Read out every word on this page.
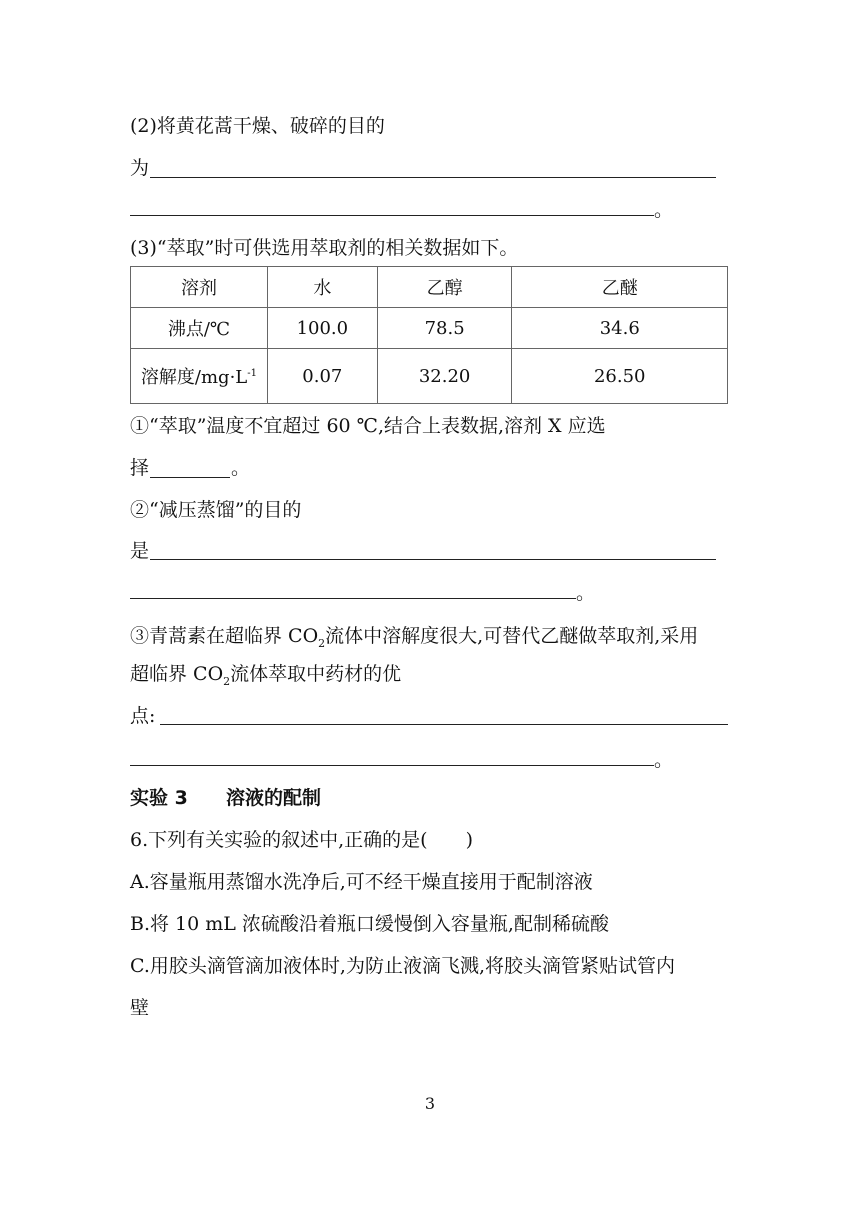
(2)将黄花蒿干燥、破碎的目的
为
。
(3)“萃取”时可供选用萃取剂的相关数据如下。
溶剂	水	乙醇	乙醚
沸点/℃	100.0	78.5	34.6
溶解度$/mg\cdot L^{-1}$	0.07	32.20	26.50
①“萃取”温度不宜超过 60 ℃,结合上表数据,溶剂 X 应选
择	。
②“减压蒸馏”的目的
是
。
③青蒿素在超临界 $CO_2$流体中溶解度很大,可替代乙醚做萃取剂,采用
超临界 $CO_2$流体萃取中药材的优
点:
。
实验 3 溶液的配制
6.下列有关实验的叙述中,正确的是(　　)
A.容量瓶用蒸馏水洗净后,可不经干燥直接用于配制溶液
B.将 10 mL 浓硫酸沿着瓶口缓慢倒入容量瓶,配制稀硫酸
C.用胶头滴管滴加液体时,为防止液滴飞溅,将胶头滴管紧贴试管内
壁
3
